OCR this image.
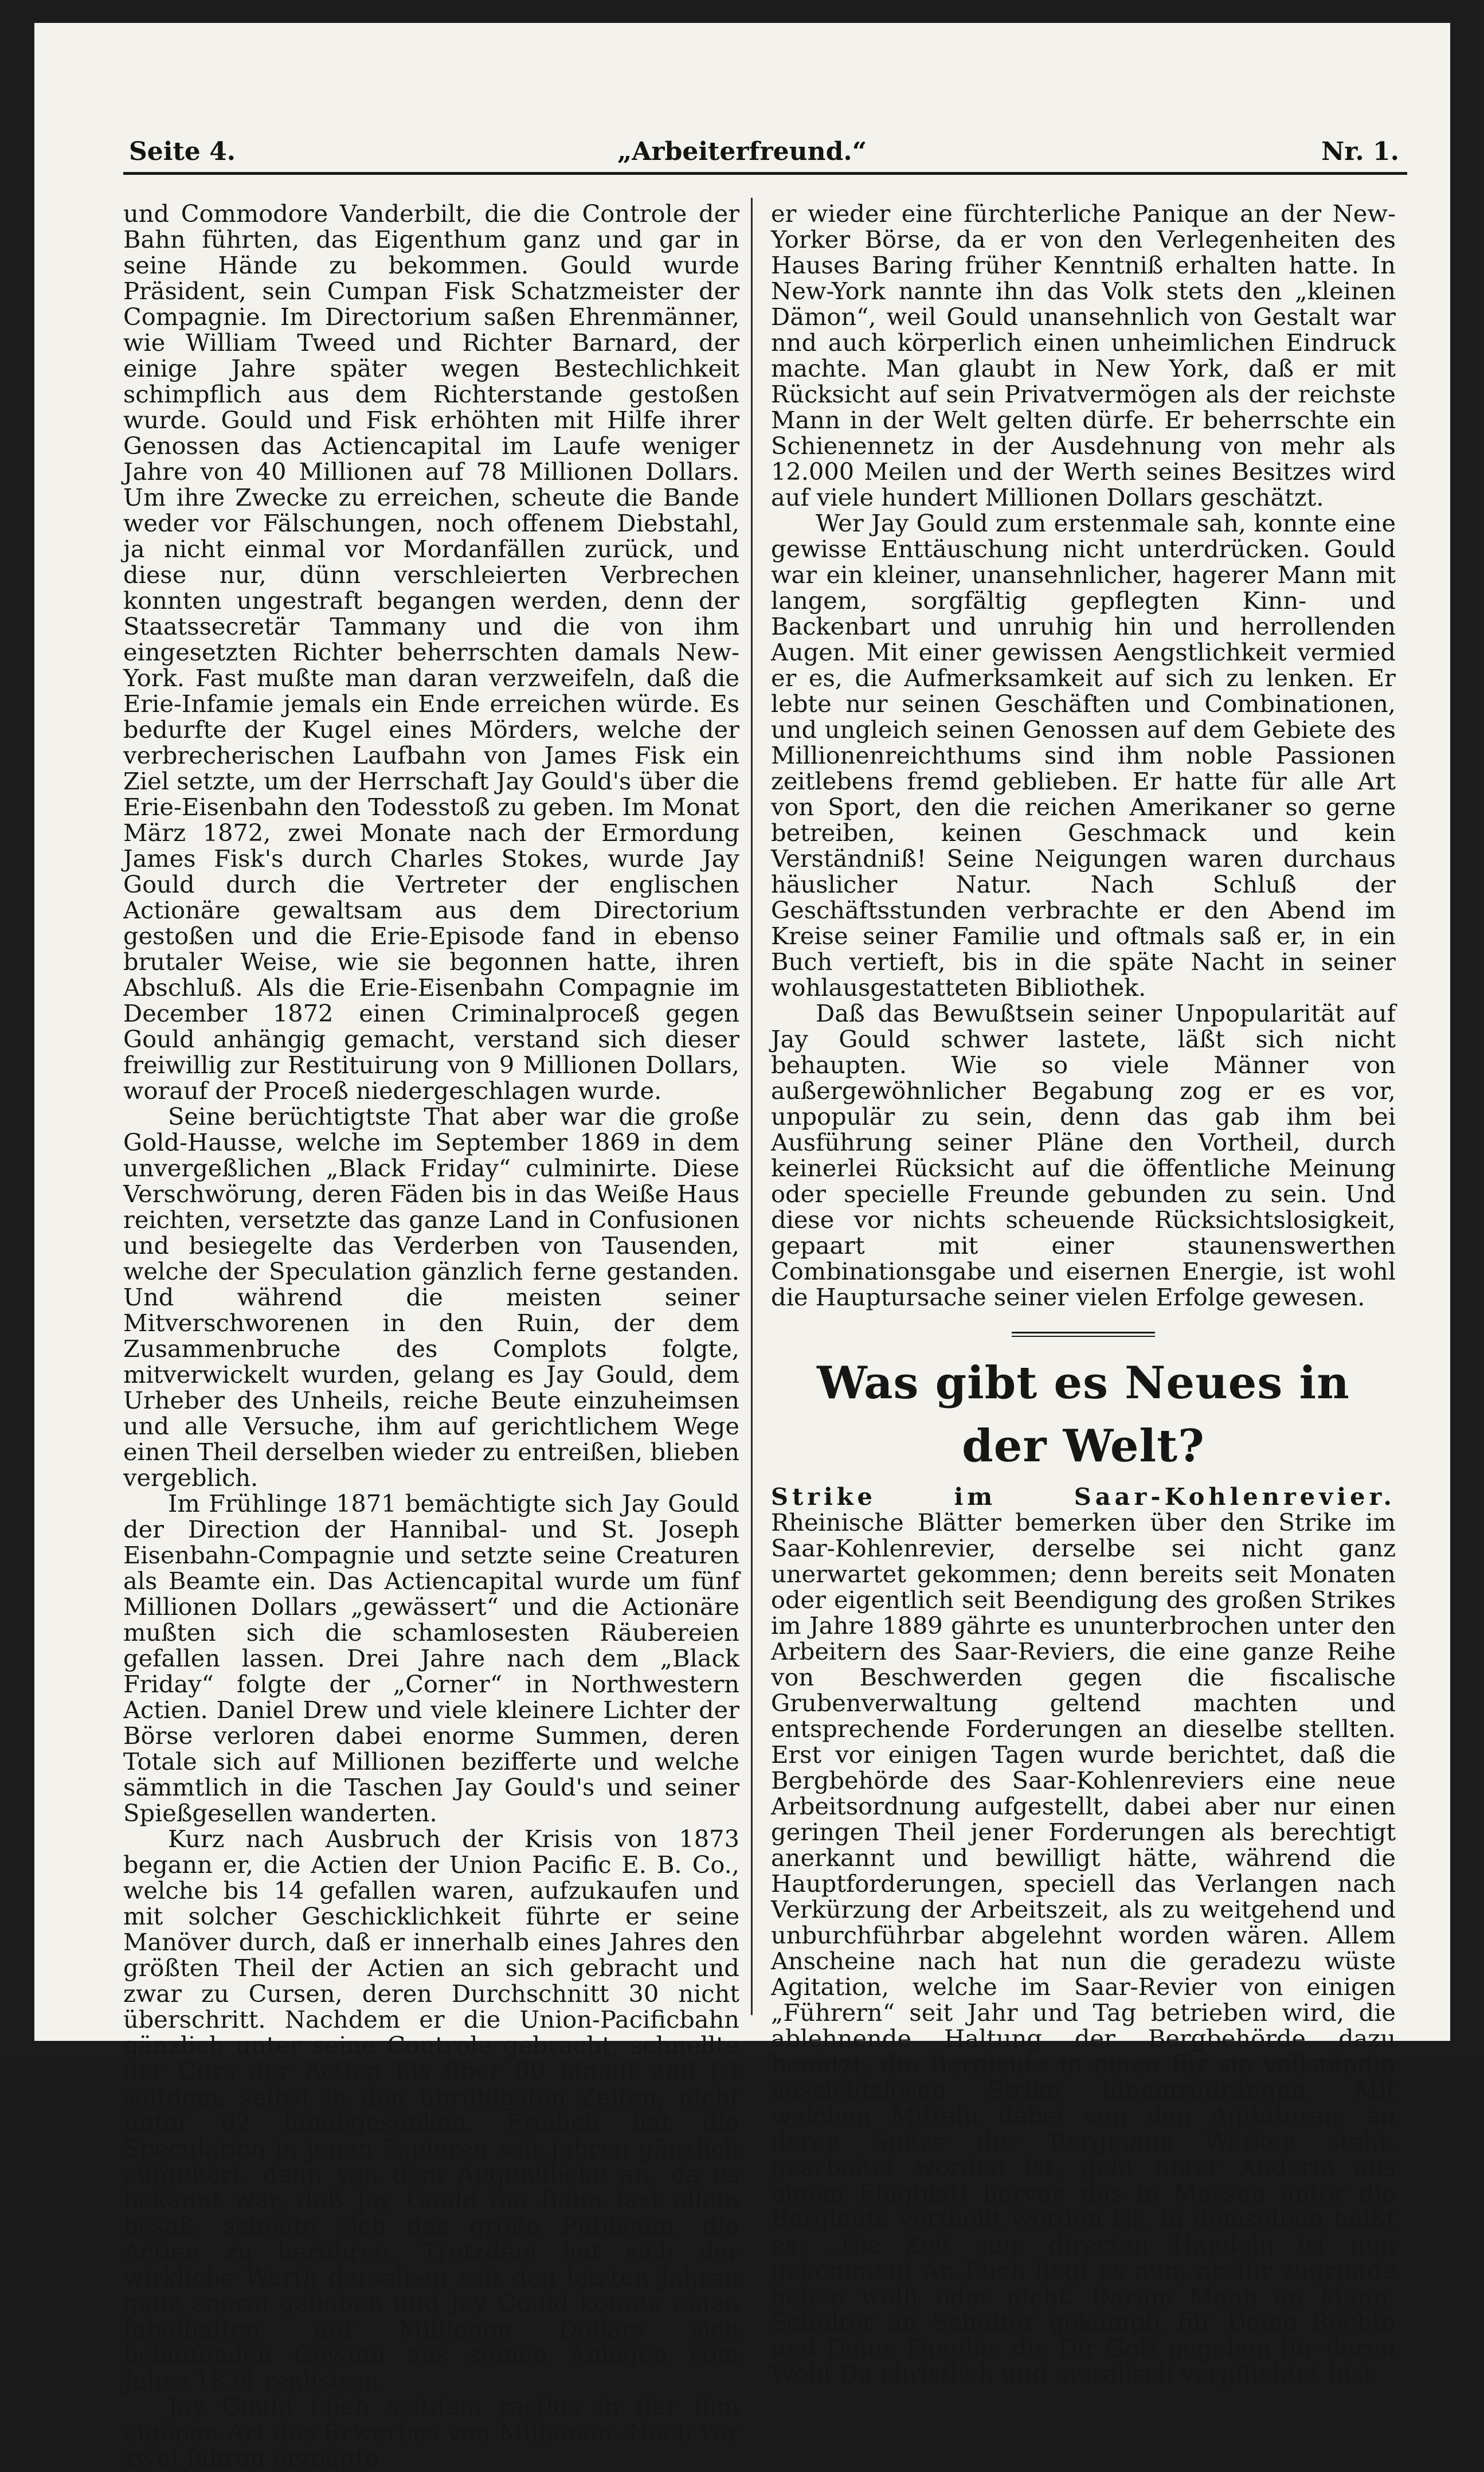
Seite 4.	„Arbeiterfreund.“	Nr. 1.

und Commodore Vanderbilt, die die Controle der Bahn führten, das Eigenthum ganz und gar in seine Hände zu bekommen. Gould wurde Präsident, sein Cumpan Fisk Schatzmeister der Compagnie. Im Directorium saßen Ehrenmänner, wie William Tweed und Richter Barnard, der einige Jahre später wegen Bestechlichkeit schimpflich aus dem Richterstande gestoßen wurde. Gould und Fisk erhöhten mit Hilfe ihrer Genossen das Actiencapital im Laufe weniger Jahre von 40 Millionen auf 78 Millionen Dollars. Um ihre Zwecke zu erreichen, scheute die Bande weder vor Fälschungen, noch offenem Diebstahl, ja nicht einmal vor Mordanfällen zurück, und diese nur, dünn verschleierten Verbrechen konnten ungestraft begangen werden, denn der Staatssecretär Tammany und die von ihm eingesetzten Richter beherrschten damals New-York. Fast mußte man daran verzweifeln, daß die Erie-Infamie jemals ein Ende erreichen würde. Es bedurfte der Kugel eines Mörders, welche der verbrecherischen Laufbahn von James Fisk ein Ziel setzte, um der Herrschaft Jay Gould's über die Erie-Eisenbahn den Todesstoß zu geben. Im Monat März 1872, zwei Monate nach der Ermordung James Fisk's durch Charles Stokes, wurde Jay Gould durch die Vertreter der englischen Actionäre gewaltsam aus dem Directorium gestoßen und die Erie-Episode fand in ebenso brutaler Weise, wie sie begonnen hatte, ihren Abschluß. Als die Erie-Eisenbahn Compagnie im December 1872 einen Criminalproceß gegen Gould anhängig gemacht, verstand sich dieser freiwillig zur Restituirung von 9 Millionen Dollars, worauf der Proceß niedergeschlagen wurde.

Seine berüchtigtste That aber war die große Gold-Hausse, welche im September 1869 in dem unvergeßlichen „Black Friday“ culminirte. Diese Verschwörung, deren Fäden bis in das Weiße Haus reichten, versetzte das ganze Land in Confusionen und besiegelte das Verderben von Tausenden, welche der Speculation gänzlich ferne gestanden. Und während die meisten seiner Mitverschworenen in den Ruin, der dem Zusammenbruche des Complots folgte, mitverwickelt wurden, gelang es Jay Gould, dem Urheber des Unheils, reiche Beute einzuheimsen und alle Versuche, ihm auf gerichtlichem Wege einen Theil derselben wieder zu entreißen, blieben vergeblich.

Im Frühlinge 1871 bemächtigte sich Jay Gould der Direction der Hannibal- und St. Joseph Eisenbahn-Compagnie und setzte seine Creaturen als Beamte ein. Das Actiencapital wurde um fünf Millionen Dollars „gewässert“ und die Actionäre mußten sich die schamlosesten Räubereien gefallen lassen. Drei Jahre nach dem „Black Friday“ folgte der „Corner“ in Northwestern Actien. Daniel Drew und viele kleinere Lichter der Börse verloren dabei enorme Summen, deren Totale sich auf Millionen bezifferte und welche sämmtlich in die Taschen Jay Gould's und seiner Spießgesellen wanderten.

Kurz nach Ausbruch der Krisis von 1873 begann er, die Actien der Union Pacific E. B. Co., welche bis 14 gefallen waren, aufzukaufen und mit solcher Geschicklichkeit führte er seine Manöver durch, daß er innerhalb eines Jahres den größten Theil der Actien an sich gebracht und zwar zu Cursen, deren Durchschnitt 30 nicht überschritt. Nachdem er die Union-Pacificbahn gänzlich unter seine Controle gebracht, schnellte der Curs der Actien bis über 80 hinauf und ist seitdem, selbst in den unruhigsten Zeiten, nicht unter 62 hinabgesunken. Freilich hat die Speculation in jenen Papieren seit Jahren gänzlich aufgehört, denn von dem Augenblicke an, da es bekannt war, daß Jay Gould die Bahn fast allein besaß, scheute sich das große Publicum, die Actien zu berühren. Trotzdem hat sich der wirkliche Werth derselben seit den letzten Jahren ganz enorm gehoben und Jay Gould konnte einen fabelhaften, auf Millionen Dollars sich belaufenden Gewinn aus seinen Anlagen vom Jahre 1874 realisiren.

Jay Gould blieb seitdem rastlos in der ihm eigenen Art des Erwerbes von Millionen. Noch vor zwei Jahren erzeugte

er wieder eine fürchterliche Panique an der New-Yorker Börse, da er von den Verlegenheiten des Hauses Baring früher Kenntniß erhalten hatte. In New-York nannte ihn das Volk stets den „kleinen Dämon“, weil Gould unansehnlich von Gestalt war nnd auch körperlich einen unheimlichen Eindruck machte. Man glaubt in New York, daß er mit Rücksicht auf sein Privatvermögen als der reichste Mann in der Welt gelten dürfe. Er beherrschte ein Schienennetz in der Ausdehnung von mehr als 12.000 Meilen und der Werth seines Besitzes wird auf viele hundert Millionen Dollars geschätzt.

Wer Jay Gould zum erstenmale sah, konnte eine gewisse Enttäuschung nicht unterdrücken. Gould war ein kleiner, unansehnlicher, hagerer Mann mit langem, sorgfältig gepflegten Kinn- und Backenbart und unruhig hin und herrollenden Augen. Mit einer gewissen Aengstlichkeit vermied er es, die Aufmerksamkeit auf sich zu lenken. Er lebte nur seinen Geschäften und Combinationen, und ungleich seinen Genossen auf dem Gebiete des Millionenreichthums sind ihm noble Passionen zeitlebens fremd geblieben. Er hatte für alle Art von Sport, den die reichen Amerikaner so gerne betreiben, keinen Geschmack und kein Verständniß! Seine Neigungen waren durchaus häuslicher Natur. Nach Schluß der Geschäftsstunden verbrachte er den Abend im Kreise seiner Familie und oftmals saß er, in ein Buch vertieft, bis in die späte Nacht in seiner wohlausgestatteten Bibliothek.

Daß das Bewußtsein seiner Unpopularität auf Jay Gould schwer lastete, läßt sich nicht behaupten. Wie so viele Männer von außergewöhnlicher Begabung zog er es vor, unpopulär zu sein, denn das gab ihm bei Ausführung seiner Pläne den Vortheil, durch keinerlei Rücksicht auf die öffentliche Meinung oder specielle Freunde gebunden zu sein. Und diese vor nichts scheuende Rücksichtslosigkeit, gepaart mit einer staunenswerthen Combinationsgabe und eisernen Energie, ist wohl die Hauptursache seiner vielen Erfolge gewesen.

Was gibt es Neues in der Welt?

Strike im Saar-Kohlenrevier. Rheinische Blätter bemerken über den Strike im Saar-Kohlenrevier, derselbe sei nicht ganz unerwartet gekommen; denn bereits seit Monaten oder eigentlich seit Beendigung des großen Strikes im Jahre 1889 gährte es ununterbrochen unter den Arbeitern des Saar-Reviers, die eine ganze Reihe von Beschwerden gegen die fiscalische Grubenverwaltung geltend machten und entsprechende Forderungen an dieselbe stellten. Erst vor einigen Tagen wurde berichtet, daß die Bergbehörde des Saar-Kohlenreviers eine neue Arbeitsordnung aufgestellt, dabei aber nur einen geringen Theil jener Forderungen als berechtigt anerkannt und bewilligt hätte, während die Hauptforderungen, speciell das Verlangen nach Verkürzung der Arbeitszeit, als zu weitgehend und unburchführbar abgelehnt worden wären. Allem Anscheine nach hat nun die geradezu wüste Agitation, welche im Saar-Revier von einigen „Führern“ seit Jahr und Tag betrieben wird, die ablehnende Haltung der Bergbehörde dazu benützt, die Bergleute in einen für sie vollständig aussichtslosen Strike hineinzudrängen. Mit welchen Mitteln dabei von den Agitatoren, an deren Spitze der Bergmann Warken steht, gearbeitet worden ist, geht unter Anderm aus einem Flugblatt hervor, das in Massen unter die Bergleute vertheilt worden ist. In demselben heißt es: „Die Zeit zum directen Handeln ist nun gekommen! An Euch liegt es nun, ob Ihr zugrunde gehen wollt oder nicht. Darum Mann an Mann, Schulter an Schulter gekämpft für Deine Rechte und Deine Familie, die Dir Gott gegeben für deren Wohl Du christlich und moralisch verpflichtet bist
